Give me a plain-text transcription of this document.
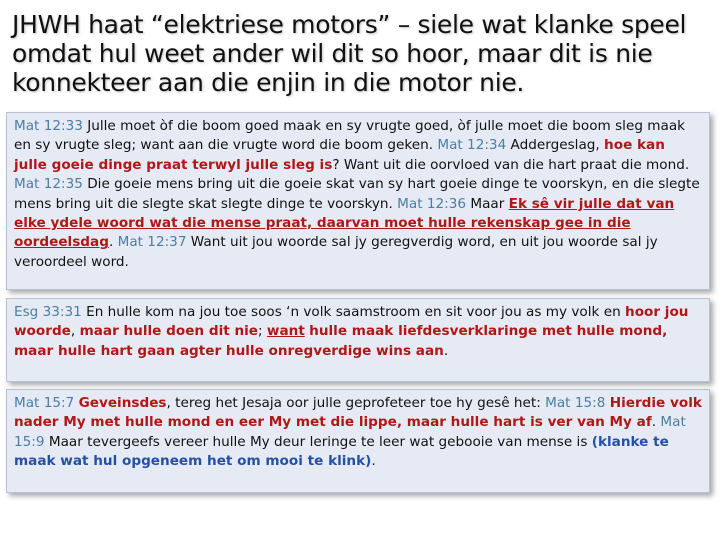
JHWH haat “elektriese motors” – siele wat klanke speel omdat hul weet ander wil dit so hoor, maar dit is nie konnekteer aan die enjin in die motor nie.

Mat 12:33 Julle moet òf die boom goed maak en sy vrugte goed, òf julle moet die boom sleg maak en sy vrugte sleg; want aan die vrugte word die boom geken. Mat 12:34 Addergeslag, hoe kan julle goeie dinge praat terwyl julle sleg is? Want uit die oorvloed van die hart praat die mond. Mat 12:35 Die goeie mens bring uit die goeie skat van sy hart goeie dinge te voorskyn, en die slegte mens bring uit die slegte skat slegte dinge te voorskyn. Mat 12:36 Maar Ek sê vir julle dat van elke ydele woord wat die mense praat, daarvan moet hulle rekenskap gee in die oordeelsdag. Mat 12:37 Want uit jou woorde sal jy geregverdig word, en uit jou woorde sal jy veroordeel word.

Esg 33:31 En hulle kom na jou toe soos ‘n volk saamstroom en sit voor jou as my volk en hoor jou woorde, maar hulle doen dit nie; want hulle maak liefdesverklaringe met hulle mond, maar hulle hart gaan agter hulle onregverdige wins aan.

Mat 15:7 Geveinsdes, tereg het Jesaja oor julle geprofeteer toe hy gesê het: Mat 15:8 Hierdie volk nader My met hulle mond en eer My met die lippe, maar hulle hart is ver van My af. Mat 15:9 Maar tevergeefs vereer hulle My deur leringe te leer wat gebooie van mense is (klanke te maak wat hul opgeneem het om mooi te klink).
